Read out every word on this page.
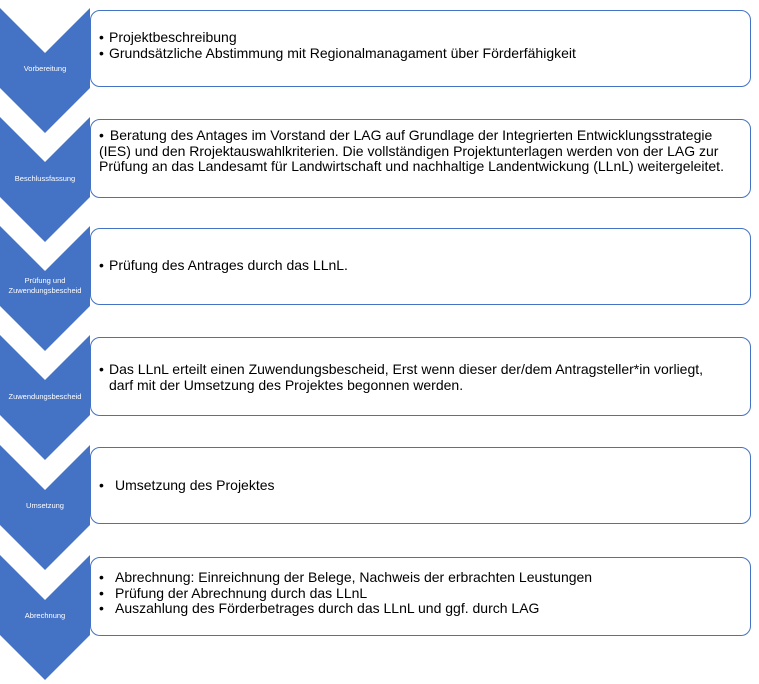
Vorbereitung
• Projektbeschreibung
• Grundsätzliche Abstimmung mit Regionalmanagament über Förderfähigkeit
Beschlussfassung
• Beratung des Antages im Vorstand der LAG auf Grundlage der Integrierten Entwicklungsstrategie (IES) und den Rrojektauswahlkriterien. Die vollständigen Projektunterlagen werden von der LAG zur Prüfung an das Landesamt für Landwirtschaft und nachhaltige Landentwickung (LLnL) weitergeleitet.
Prüfung und
Zuwendungsbescheid
• Prüfung des Antrages durch das LLnL.
Zuwendungsbescheid
• Das LLnL erteilt einen Zuwendungsbescheid, Erst wenn dieser der/dem Antragsteller*in vorliegt, darf mit der Umsetzung des Projektes begonnen werden.
Umsetzung
• Umsetzung des Projektes
Abrechnung
• Abrechnung: Einreichnung der Belege, Nachweis der erbrachten Leustungen
• Prüfung der Abrechnung durch das LLnL
• Auszahlung des Förderbetrages durch das LLnL und ggf. durch LAG
